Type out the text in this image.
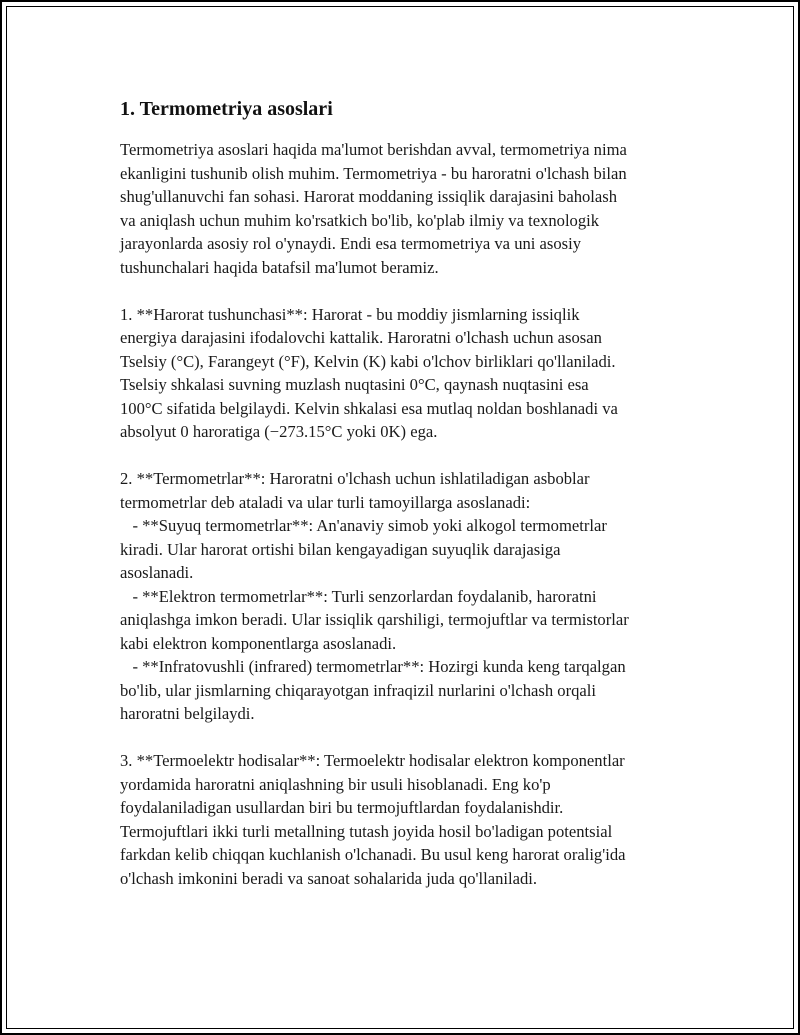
1. Termometriya asoslari

Termometriya asoslari haqida ma'lumot berishdan avval, termometriya nima

ekanligini tushunib olish muhim. Termometriya - bu haroratni o'lchash bilan

shug'ullanuvchi fan sohasi. Harorat moddaning issiqlik darajasini baholash

va aniqlash uchun muhim ko'rsatkich bo'lib, ko'plab ilmiy va texnologik

jarayonlarda asosiy rol o'ynaydi. Endi esa termometriya va uni asosiy

tushunchalari haqida batafsil ma'lumot beramiz.

1. **Harorat tushunchasi**: Harorat - bu moddiy jismlarning issiqlik

energiya darajasini ifodalovchi kattalik. Haroratni o'lchash uchun asosan

Tselsiy (°C), Farangeyt (°F), Kelvin (K) kabi o'lchov birliklari qo'llaniladi.

Tselsiy shkalasi suvning muzlash nuqtasini 0°C, qaynash nuqtasini esa

100°C sifatida belgilaydi. Kelvin shkalasi esa mutlaq noldan boshlanadi va

absolyut 0 haroratiga (−273.15°C yoki 0K) ega.

2. **Termometrlar**: Haroratni o'lchash uchun ishlatiladigan asboblar

termometrlar deb ataladi va ular turli tamoyillarga asoslanadi:

- **Suyuq termometrlar**: An'anaviy simob yoki alkogol termometrlar

kiradi. Ular harorat ortishi bilan kengayadigan suyuqlik darajasiga

asoslanadi.

- **Elektron termometrlar**: Turli senzorlardan foydalanib, haroratni

aniqlashga imkon beradi. Ular issiqlik qarshiligi, termojuftlar va termistorlar

kabi elektron komponentlarga asoslanadi.

- **Infratovushli (infrared) termometrlar**: Hozirgi kunda keng tarqalgan

bo'lib, ular jismlarning chiqarayotgan infraqizil nurlarini o'lchash orqali

haroratni belgilaydi.

3. **Termoelektr hodisalar**: Termoelektr hodisalar elektron komponentlar

yordamida haroratni aniqlashning bir usuli hisoblanadi. Eng ko'p

foydalaniladigan usullardan biri bu termojuftlardan foydalanishdir.

Termojuftlari ikki turli metallning tutash joyida hosil bo'ladigan potentsial

farkdan kelib chiqqan kuchlanish o'lchanadi. Bu usul keng harorat oralig'ida

o'lchash imkonini beradi va sanoat sohalarida juda qo'llaniladi.
